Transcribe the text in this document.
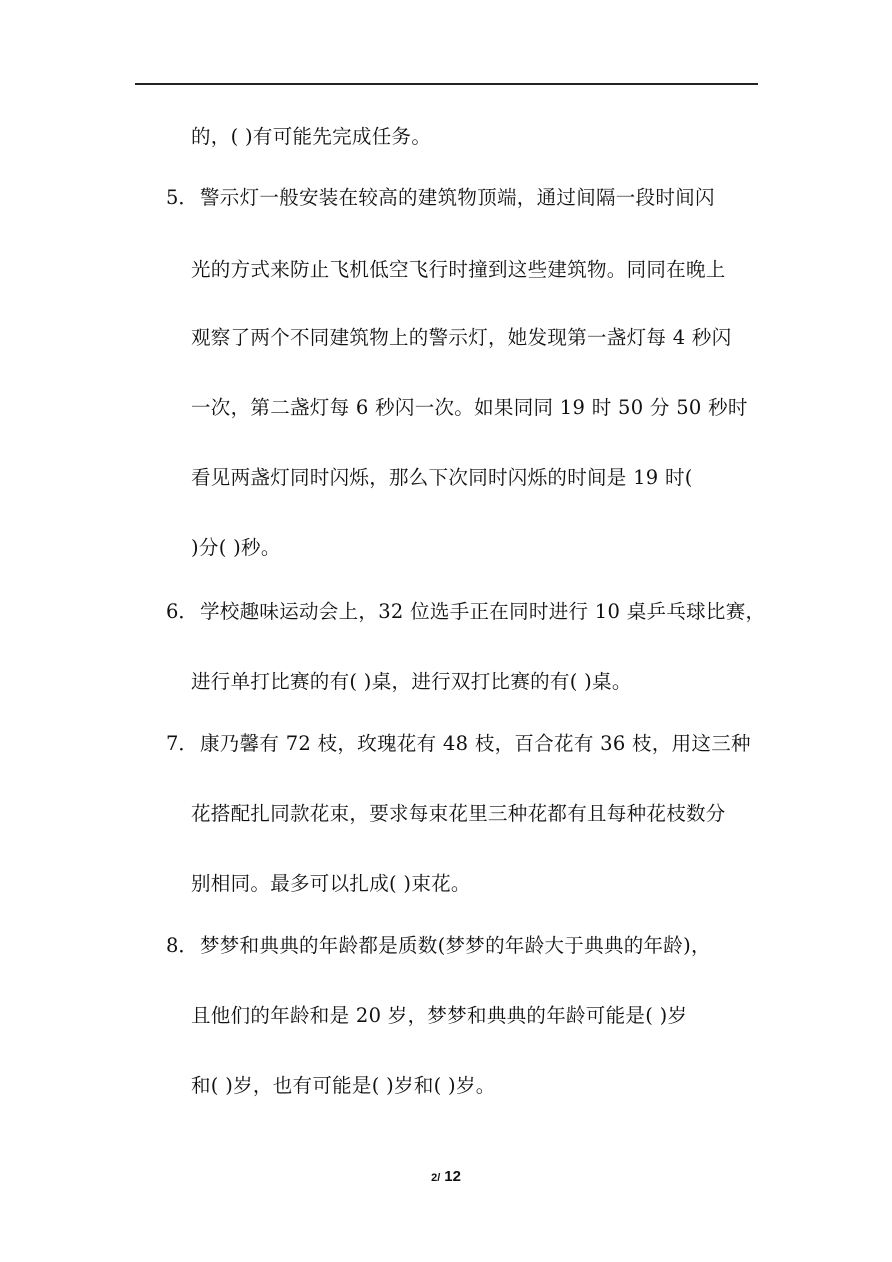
的，( )有可能先完成任务。
5． 警示灯一般安装在较高的建筑物顶端，通过间隔一段时间闪
光的方式来防止飞机低空飞行时撞到这些建筑物。同同在晚上
观察了两个不同建筑物上的警示灯，她发现第一盏灯每 4 秒闪
一次，第二盏灯每 6 秒闪一次。如果同同 19 时 50 分 50 秒时
看见两盏灯同时闪烁，那么下次同时闪烁的时间是 19 时(
)分( )秒。
6． 学校趣味运动会上，32 位选手正在同时进行 10 桌乒乓球比赛，
进行单打比赛的有( )桌，进行双打比赛的有( )桌。
7． 康乃馨有 72 枝，玫瑰花有 48 枝，百合花有 36 枝，用这三种
花搭配扎同款花束，要求每束花里三种花都有且每种花枝数分
别相同。最多可以扎成( )束花。
8． 梦梦和典典的年龄都是质数(梦梦的年龄大于典典的年龄)，
且他们的年龄和是 20 岁，梦梦和典典的年龄可能是( )岁
和( )岁，也有可能是( )岁和( )岁。
2/ 12
